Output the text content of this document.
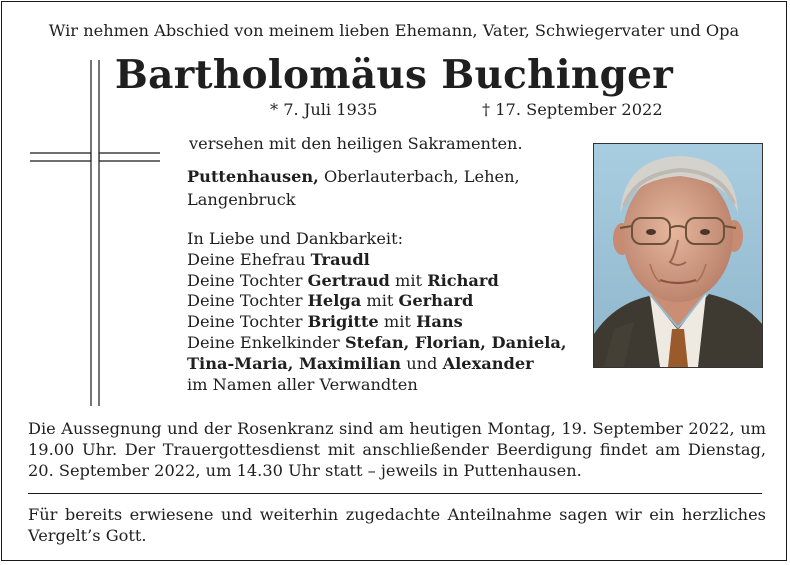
Wir nehmen Abschied von meinem lieben Ehemann, Vater, Schwiegervater und Opa
Bartholomäus Buchinger
* 7. Juli 1935	† 17. September 2022
versehen mit den heiligen Sakramenten.
Puttenhausen, Oberlauterbach, Lehen,
Langenbruck
In Liebe und Dankbarkeit:
Deine Ehefrau Traudl
Deine Tochter Gertraud mit Richard
Deine Tochter Helga mit Gerhard
Deine Tochter Brigitte mit Hans
Deine Enkelkinder Stefan, Florian, Daniela,
Tina-Maria, Maximilian und Alexander
im Namen aller Verwandten
Die Aussegnung und der Rosenkranz sind am heutigen Montag, 19. September 2022, um 19.00 Uhr. Der Trauergottesdienst mit anschließender Beerdigung findet am Dienstag, 20. September 2022, um 14.30 Uhr statt – jeweils in Puttenhausen.
Für bereits erwiesene und weiterhin zugedachte Anteilnahme sagen wir ein herzliches Vergelt’s Gott.
